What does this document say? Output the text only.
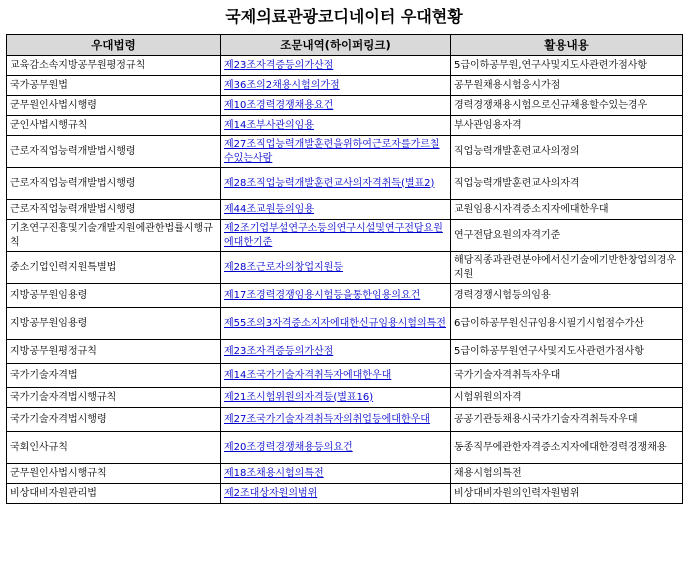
국제의료관광코디네이터 우대현황
우대법령	조문내역(하이퍼링크)	활용내용
교육감소속지방공무원평정규칙	제23조자격증등의가산점	5급이하공무원,연구사및지도사관련가점사항
국가공무원법	제36조의2채용시험의가점	공무원채용시험응시가점
군무원인사법시행령	제10조경력경쟁채용요건	경력경쟁채용시험으로신규채용할수있는경우
군인사법시행규칙	제14조부사관의임용	부사관임용자격
근로자직업능력개발법시행령	제27조직업능력개발훈련을위하여근로자를가르칠수있는사람	직업능력개발훈련교사의정의
근로자직업능력개발법시행령	제28조직업능력개발훈련교사의자격취득(별표2)	직업능력개발훈련교사의자격
근로자직업능력개발법시행령	제44조교원등의임용	교원임용시자격증소지자에대한우대
기초연구진흥및기술개발지원에관한법률시행규칙	제2조기업부설연구소등의연구시설및연구전담요원에대한기준	연구전담요원의자격기준
중소기업인력지원특별법	제28조근로자의창업지원등	해당직종과관련분야에서신기술에기반한창업의경우지원
지방공무원임용령	제17조경력경쟁임용시험등을통한임용의요건	경력경쟁시험등의임용
지방공무원임용령	제55조의3자격증소지자에대한신규임용시험의특전	6급이하공무원신규임용시필기시험점수가산
지방공무원평정규칙	제23조자격증등의가산점	5급이하공무원연구사및지도사관련가점사항
국가기술자격법	제14조국가기술자격취득자에대한우대	국가기술자격취득자우대
국가기술자격법시행규칙	제21조시험위원의자격등(별표16)	시험위원의자격
국가기술자격법시행령	제27조국가기술자격취득자의취업등에대한우대	공공기관등채용시국가기술자격취득자우대
국회인사규칙	제20조경력경쟁채용등의요건	동종직무에관한자격증소지자에대한경력경쟁채용
군무원인사법시행규칙	제18조채용시험의특전	채용시험의특전
비상대비자원관리법	제2조대상자원의범위	비상대비자원의인력자원범위
